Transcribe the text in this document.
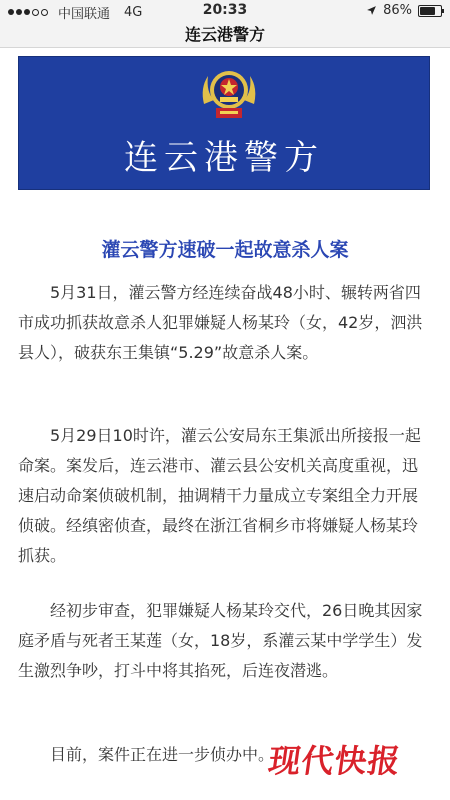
中国联通 4G	20:33	86%
连云港警方
连云港警方
灌云警方速破一起故意杀人案
5月31日，灌云警方经连续奋战48小时、辗转两省四市成功抓获故意杀人犯罪嫌疑人杨某玲（女，42岁，泗洪县人），破获东王集镇“5.29”故意杀人案。
5月29日10时许，灌云公安局东王集派出所接报一起命案。案发后，连云港市、灌云县公安机关高度重视，迅速启动命案侦破机制，抽调精干力量成立专案组全力开展侦破。经缜密侦查，最终在浙江省桐乡市将嫌疑人杨某玲抓获。
经初步审查，犯罪嫌疑人杨某玲交代，26日晚其因家庭矛盾与死者王某莲（女，18岁，系灌云某中学学生）发生激烈争吵，打斗中将其掐死，后连夜潜逃。
目前，案件正在进一步侦办中。
现代快报
